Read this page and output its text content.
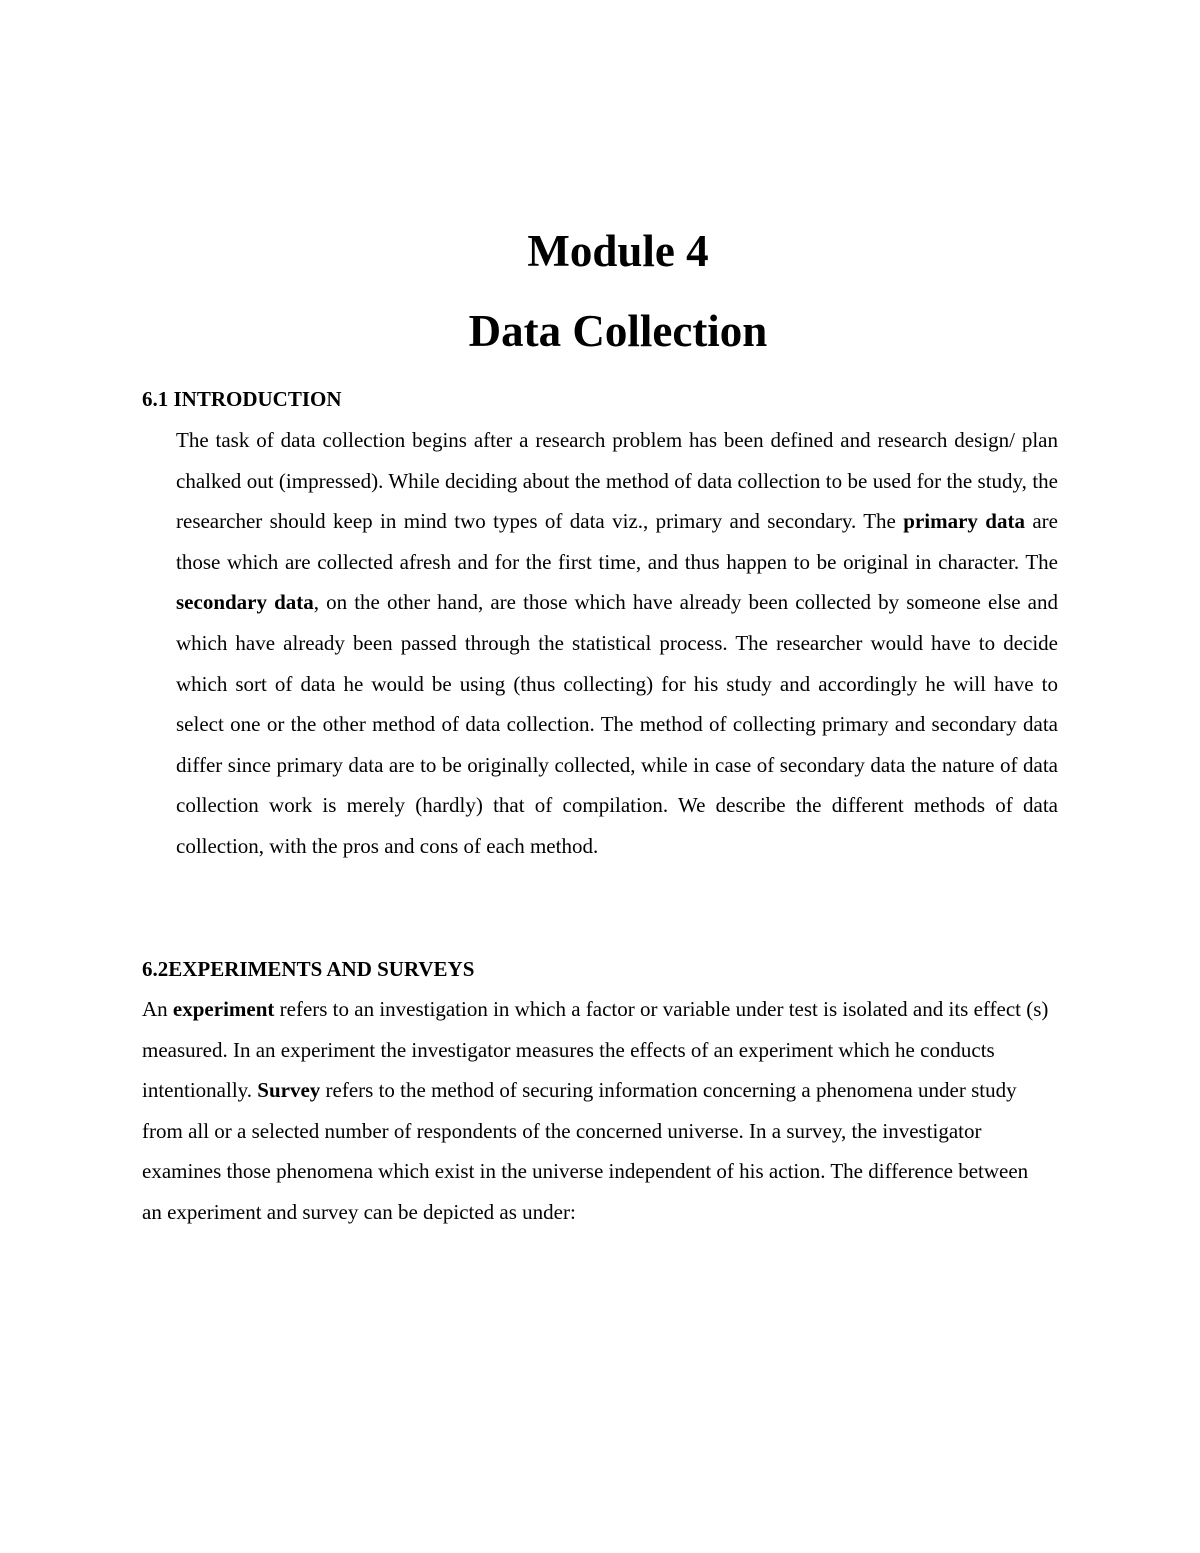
Module 4
Data Collection
6.1 INTRODUCTION

The task of data collection begins after a research problem has been defined and research design/ plan chalked out (impressed). While deciding about the method of data collection to be used for the study, the researcher should keep in mind two types of data viz., primary and secondary. The primary data are those which are collected afresh and for the first time, and thus happen to be original in character. The secondary data, on the other hand, are those which have already been collected by someone else and which have already been passed through the statistical process. The researcher would have to decide which sort of data he would be using (thus collecting) for his study and accordingly he will have to select one or the other method of data collection. The method of collecting primary and secondary data differ since primary data are to be originally collected, while in case of secondary data the nature of data collection work is merely (hardly) that of compilation. We describe the different methods of data collection, with the pros and cons of each method.

6.2EXPERIMENTS AND SURVEYS

An experiment refers to an investigation in which a factor or variable under test is isolated and its effect (s) measured. In an experiment the investigator measures the effects of an experiment which he conducts intentionally. Survey refers to the method of securing information concerning a phenomena under study from all or a selected number of respondents of the concerned universe. In a survey, the investigator examines those phenomena which exist in the universe independent of his action. The difference between an experiment and survey can be depicted as under:
